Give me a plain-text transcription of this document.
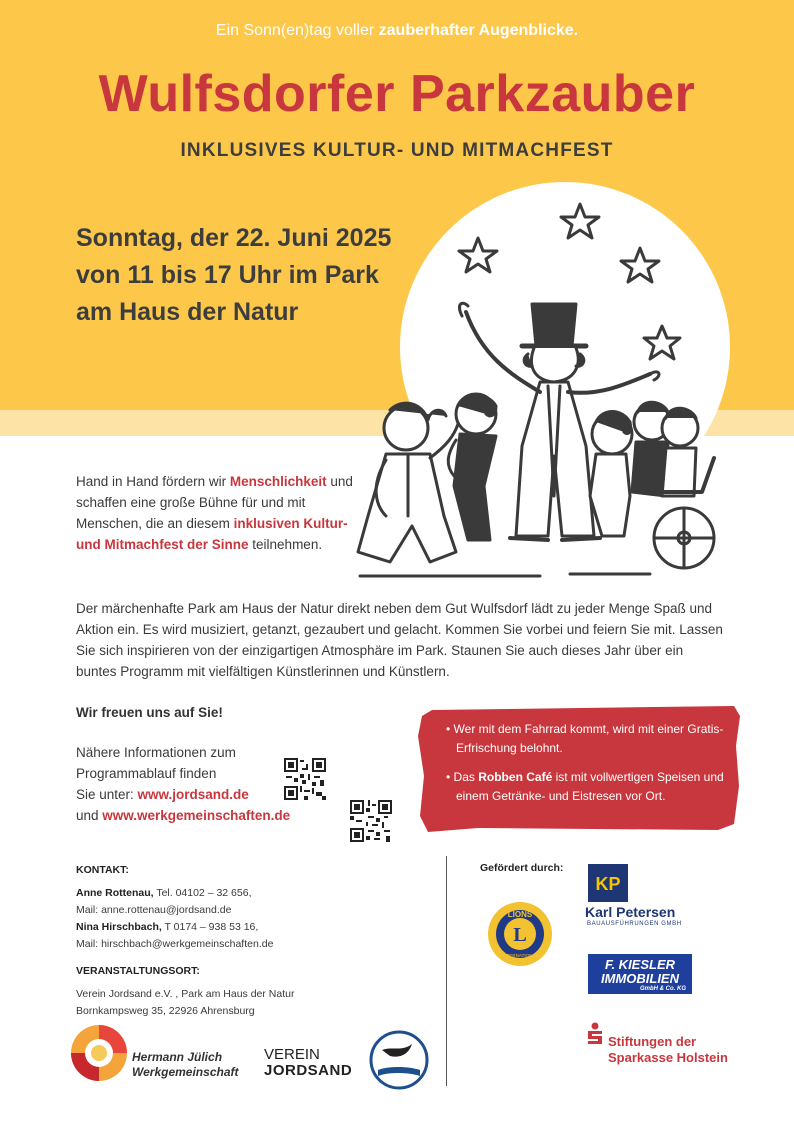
Ein Sonn(en)tag voller zauberhafter Augenblicke.
Wulfsdorfer Parkzauber
INKLUSIVES KULTUR- UND MITMACHFEST
Sonntag, der 22. Juni 2025
von 11 bis 17 Uhr im Park
am Haus der Natur
Hand in Hand fördern wir Menschlichkeit und schaffen eine große Bühne für und mit Menschen, die an diesem inklusiven Kultur- und Mitmachfest der Sinne teilnehmen.
Der märchenhafte Park am Haus der Natur direkt neben dem Gut Wulfsdorf lädt zu jeder Menge Spaß und Aktion ein. Es wird musiziert, getanzt, gezaubert und gelacht. Kommen Sie vorbei und feiern Sie mit. Lassen Sie sich inspirieren von der einzigartigen Atmosphäre im Park. Staunen Sie auch dieses Jahr über ein buntes Programm mit vielfältigen Künstlerinnen und Künstlern.
Wir freuen uns auf Sie!
Nähere Informationen zum
Programmablauf finden
Sie unter: www.jordsand.de
und www.werkgemeinschaften.de

• Wer mit dem Fahrrad kommt, wird mit einer Gratis-Erfrischung belohnt.

• Das Robben Café ist mit vollwertigen Speisen und einem Getränke- und Eistresen vor Ort.

KONTAKT:
Anne Rottenau, Tel. 04102 – 32 656,
Mail: anne.rottenau@jordsand.de
Nina Hirschbach, T 0174 – 938 53 16,
Mail: hirschbach@werkgemeinschaften.de
VERANSTALTUNGSORT:
Verein Jordsand e.V. , Park am Haus der Natur
Bornkampsweg 35, 22926 Ahrensburg
Gefördert durch:
L
LIONS
INTERNATIONAL
KP
Karl Petersen
BAUAUSFÜHRUNGEN GMBH
F. KIESLER
IMMOBILIEN
GmbH & Co. KG
Stiftungen der
Sparkasse Holstein
Hermann Jülich
Werkgemeinschaft
VEREIN
JORDSAND
